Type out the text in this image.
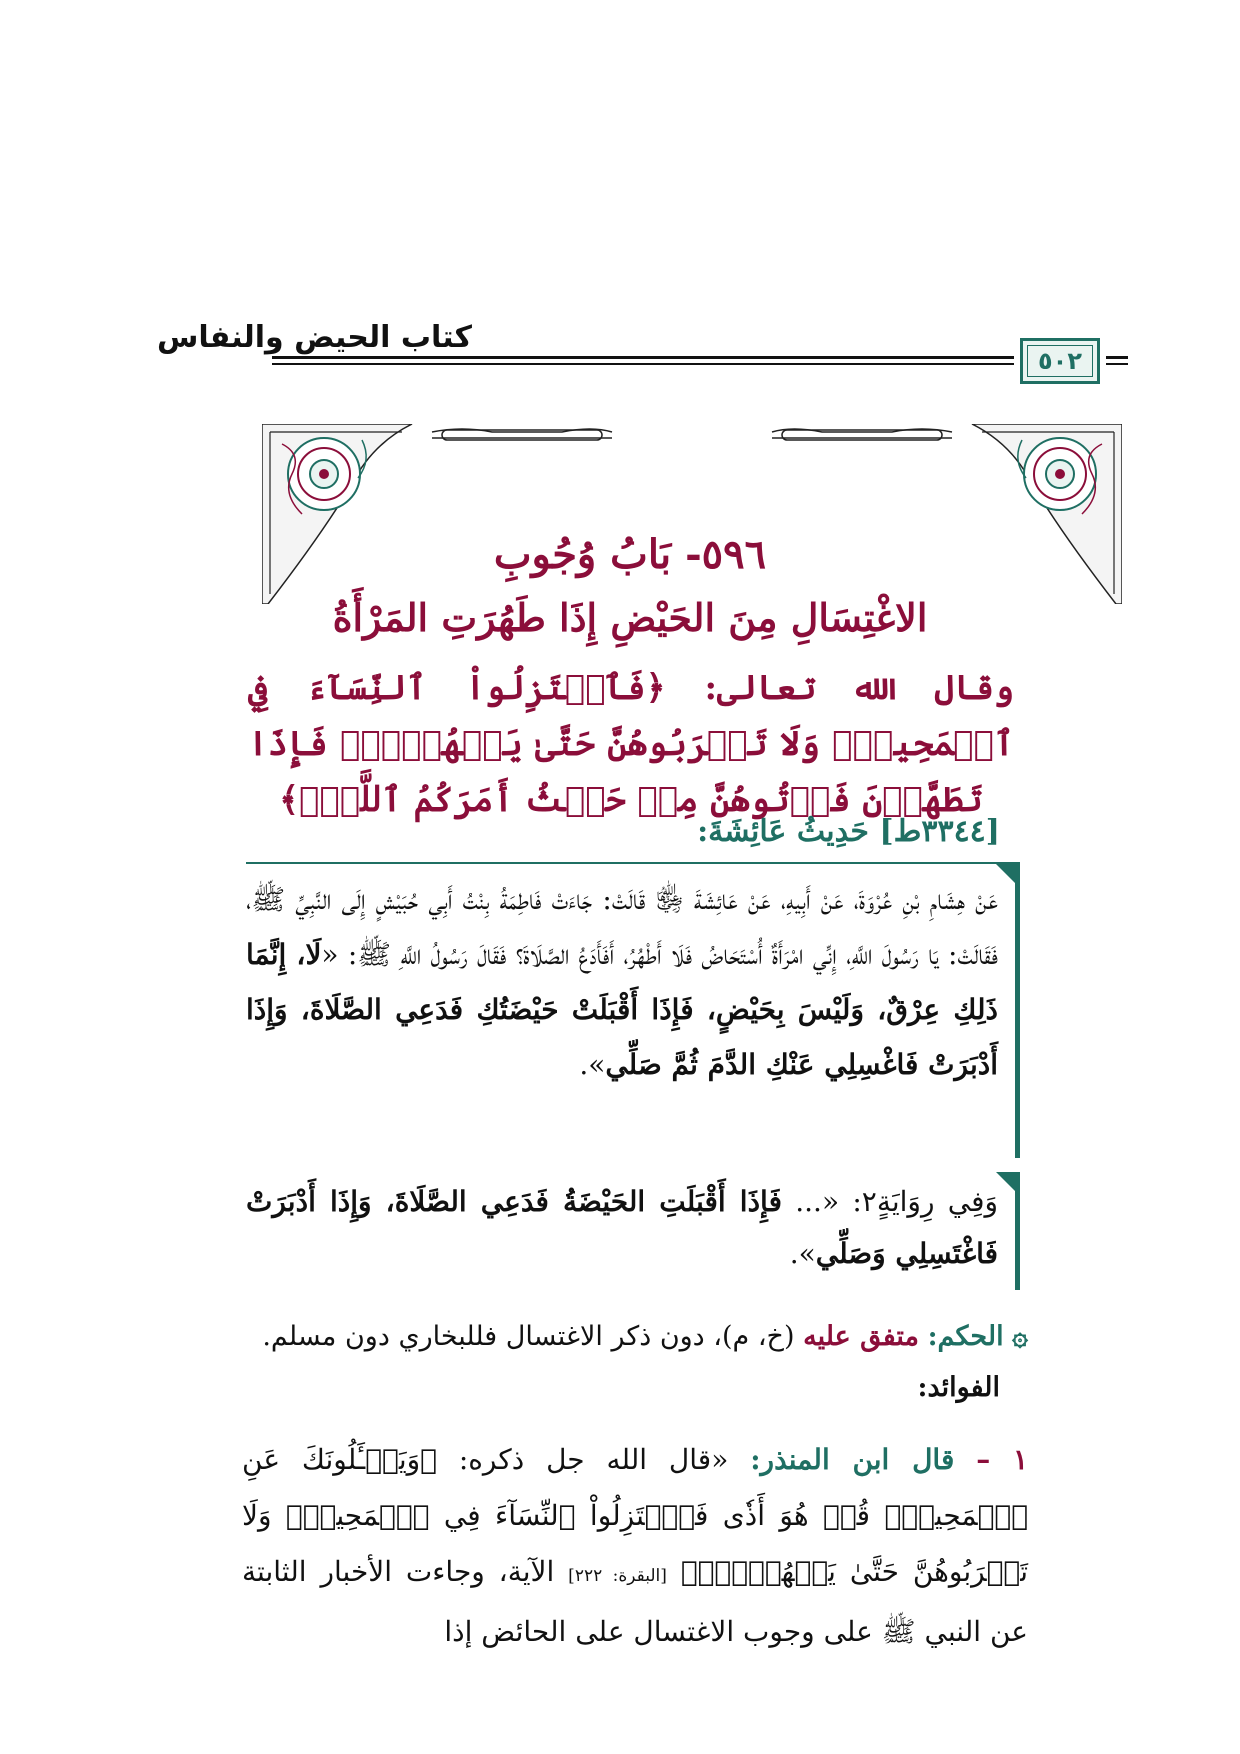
كتاب الحيض والنفاس
٥٠٢
٥٩٦- بَابُ وُجُوبِ
الاغْتِسَالِ مِنَ الحَيْضِ إِذَا طَهُرَتِ المَرْأَةُ
وقال الله تعالى: ﴿فَٱعۡتَزِلُواْ ٱلنِّسَآءَ فِي ٱلۡمَحِيضِۖ وَلَا تَقۡرَبُوهُنَّ حَتَّىٰ يَطۡهُرۡنَۖ فَإِذَا تَطَهَّرۡنَ فَأۡتُوهُنَّ مِنۡ حَيۡثُ أَمَرَكُمُ ٱللَّهُۚ﴾
[٣٣٤٤ط] حَدِيثُ عَائِشَةَ:
عَنْ هِشَامِ بْنِ عُرْوَةَ، عَنْ أَبِيهِ، عَنْ عَائِشَةَ ﵂ قَالَتْ: جَاءَتْ فَاطِمَةُ بِنْتُ أَبِي حُبَيْشٍ إِلَى النَّبِيِّ ﷺ، فَقَالَتْ: يَا رَسُولَ اللَّهِ، إِنِّي امْرَأَةٌ أُسْتَحَاضُ فَلَا أَطْهُرُ، أَفَأَدَعُ الصَّلَاةَ؟ فَقَالَ رَسُولُ اللَّهِ ﷺ: «لَا، إِنَّمَا ذَلِكِ عِرْقٌ، وَلَيْسَ بِحَيْضٍ، فَإِذَا أَقْبَلَتْ حَيْضَتُكِ فَدَعِي الصَّلَاةَ، وَإِذَا أَدْبَرَتْ فَاغْسِلِي عَنْكِ الدَّمَ ثُمَّ صَلِّي».
وَفِي رِوَايَةٍ٢: «... فَإِذَا أَقْبَلَتِ الحَيْضَةُ فَدَعِي الصَّلَاةَ، وَإِذَا أَدْبَرَتْ فَاغْتَسِلِي وَصَلِّي».
۞ الحكم: متفق عليه (خ، م)، دون ذكر الاغتسال فللبخاري دون مسلم.
الفوائد:
١ – قال ابن المنذر: «قال الله جل ذكره: ﴿وَيَسۡـَٔلُونَكَ عَنِ ٱلۡمَحِيضِۖ قُلۡ هُوَ أَذٗى فَٱعۡتَزِلُواْ ٱلنِّسَآءَ فِي ٱلۡمَحِيضِۖ وَلَا تَقۡرَبُوهُنَّ حَتَّىٰ يَطۡهُرۡنَۖ﴾ [البقرة: ٢٢٢] الآية، وجاءت الأخبار الثابتة عن النبي ﷺ على وجوب الاغتسال على الحائض إذا
